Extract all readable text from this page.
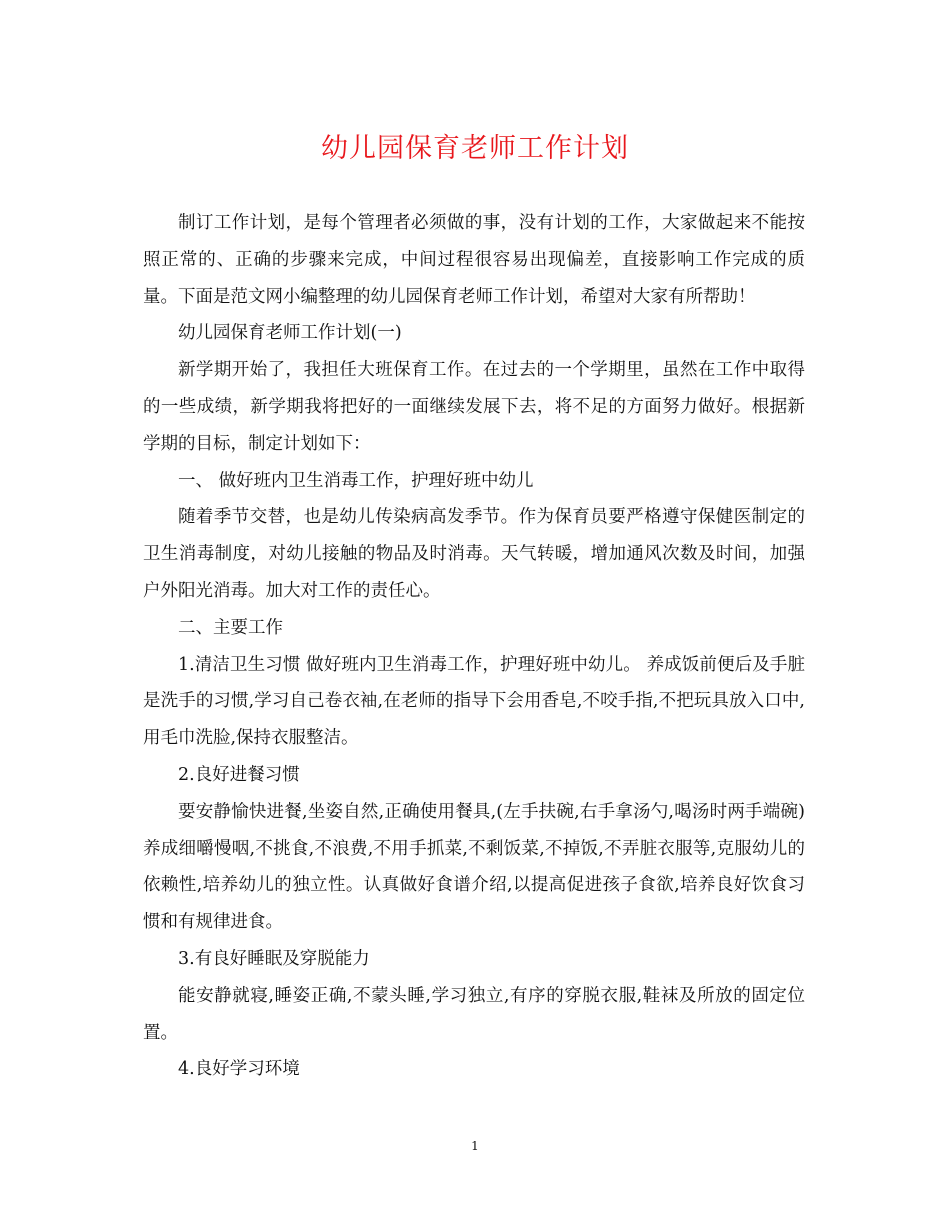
幼儿园保育老师工作计划

制订工作计划，是每个管理者必须做的事，没有计划的工作，大家做起来不能按照正常的、正确的步骤来完成，中间过程很容易出现偏差，直接影响工作完成的质量。下面是范文网小编整理的幼儿园保育老师工作计划，希望对大家有所帮助！

幼儿园保育老师工作计划(一)

新学期开始了，我担任大班保育工作。在过去的一个学期里，虽然在工作中取得的一些成绩，新学期我将把好的一面继续发展下去，将不足的方面努力做好。根据新学期的目标，制定计划如下：

一、 做好班内卫生消毒工作，护理好班中幼儿

随着季节交替，也是幼儿传染病高发季节。作为保育员要严格遵守保健医制定的卫生消毒制度，对幼儿接触的物品及时消毒。天气转暖，增加通风次数及时间，加强户外阳光消毒。加大对工作的责任心。

二、主要工作

1.清洁卫生习惯 做好班内卫生消毒工作，护理好班中幼儿。 养成饭前便后及手脏是洗手的习惯,学习自己卷衣袖,在老师的指导下会用香皂,不咬手指,不把玩具放入口中,用毛巾洗脸,保持衣服整洁。

2.良好进餐习惯

要安静愉快进餐,坐姿自然,正确使用餐具,(左手扶碗,右手拿汤勺,喝汤时两手端碗)养成细嚼慢咽,不挑食,不浪费,不用手抓菜,不剩饭菜,不掉饭,不弄脏衣服等,克服幼儿的依赖性,培养幼儿的独立性。认真做好食谱介绍,以提高促进孩子食欲,培养良好饮食习惯和有规律进食。

3.有良好睡眠及穿脱能力

能安静就寝,睡姿正确,不蒙头睡,学习独立,有序的穿脱衣服,鞋袜及所放的固定位置。

4.良好学习环境

1
